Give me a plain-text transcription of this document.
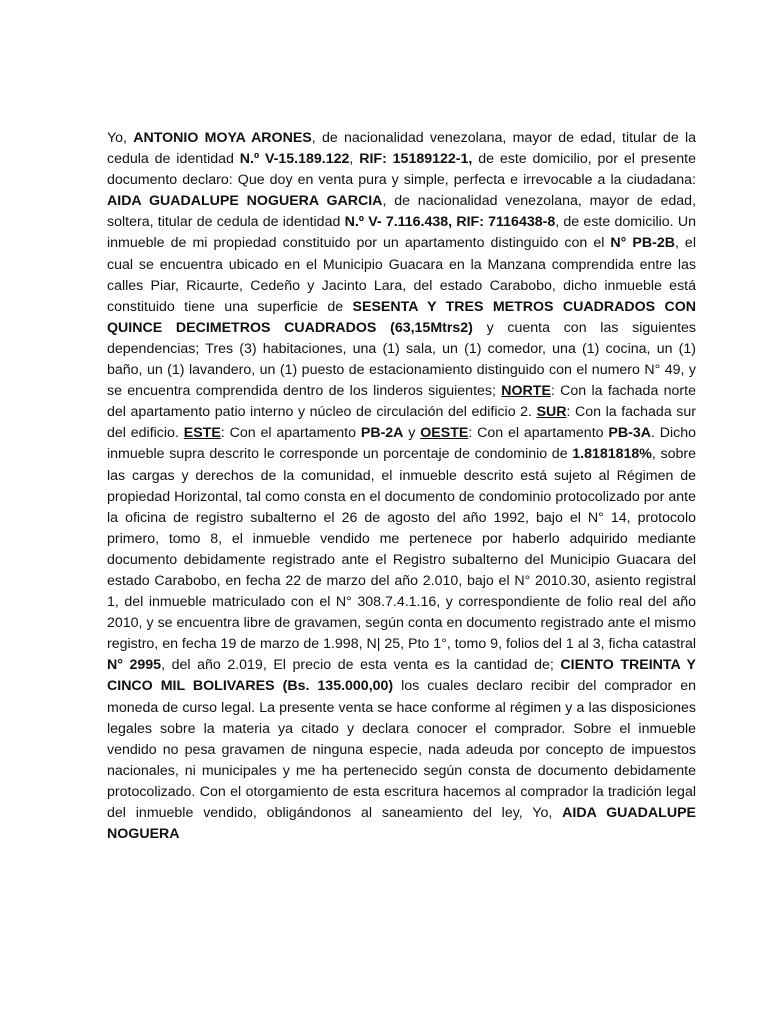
Yo, ANTONIO MOYA ARONES, de nacionalidad venezolana, mayor de edad, titular de la cedula de identidad N.º V-15.189.122, RIF: 15189122-1, de este domicilio, por el presente documento declaro: Que doy en venta pura y simple, perfecta e irrevocable a la ciudadana: AIDA GUADALUPE NOGUERA GARCIA, de nacionalidad venezolana, mayor de edad, soltera, titular de cedula de identidad N.º V- 7.116.438, RIF: 7116438-8, de este domicilio. Un inmueble de mi propiedad constituido por un apartamento distinguido con el N° PB-2B, el cual se encuentra ubicado en el Municipio Guacara en la Manzana comprendida entre las calles Piar, Ricaurte, Cedeño y Jacinto Lara, del estado Carabobo, dicho inmueble está constituido tiene una superficie de SESENTA Y TRES METROS CUADRADOS CON QUINCE DECIMETROS CUADRADOS (63,15Mtrs2) y cuenta con las siguientes dependencias; Tres (3) habitaciones, una (1) sala, un (1) comedor, una (1) cocina, un (1) baño, un (1) lavandero, un (1) puesto de estacionamiento distinguido con el numero N° 49, y se encuentra comprendida dentro de los linderos siguientes; NORTE: Con la fachada norte del apartamento patio interno y núcleo de circulación del edificio 2. SUR: Con la fachada sur del edificio. ESTE: Con el apartamento PB-2A y OESTE: Con el apartamento PB-3A. Dicho inmueble supra descrito le corresponde un porcentaje de condominio de 1.8181818%, sobre las cargas y derechos de la comunidad, el inmueble descrito está sujeto al Régimen de propiedad Horizontal, tal como consta en el documento de condominio protocolizado por ante la oficina de registro subalterno el 26 de agosto del año 1992, bajo el N° 14, protocolo primero, tomo 8, el inmueble vendido me pertenece por haberlo adquirido mediante documento debidamente registrado ante el Registro subalterno del Municipio Guacara del estado Carabobo, en fecha 22 de marzo del año 2.010, bajo el N° 2010.30, asiento registral 1, del inmueble matriculado con el N° 308.7.4.1.16, y correspondiente de folio real del año 2010, y se encuentra libre de gravamen, según conta en documento registrado ante el mismo registro, en fecha 19 de marzo de 1.998, N| 25, Pto 1°, tomo 9, folios del 1 al 3, ficha catastral N° 2995, del año 2.019, El precio de esta venta es la cantidad de; CIENTO TREINTA Y CINCO MIL BOLIVARES (Bs. 135.000,00) los cuales declaro recibir del comprador en moneda de curso legal. La presente venta se hace conforme al régimen y a las disposiciones legales sobre la materia ya citado y declara conocer el comprador. Sobre el inmueble vendido no pesa gravamen de ninguna especie, nada adeuda por concepto de impuestos nacionales, ni municipales y me ha pertenecido según consta de documento debidamente protocolizado. Con el otorgamiento de esta escritura hacemos al comprador la tradición legal del inmueble vendido, obligándonos al saneamiento del ley, Yo, AIDA GUADALUPE NOGUERA
